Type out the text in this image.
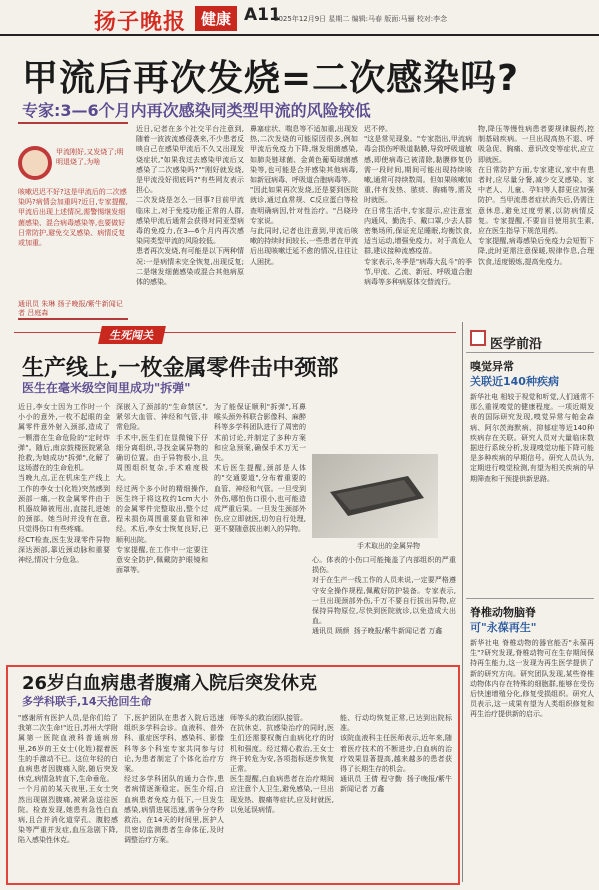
扬子晚报 健康 A11
2025年12月9日 星期二 编辑:马春 版面:马骊 校对:李念
甲流后再次发烧=二次感染吗?
专家:3—6个月内再次感染同类型甲流的风险较低
甲流刚好,又发烧了;明明退烧了,为啥
咳嗽迟迟不好?这是甲流后的二次感染吗?病情会加重吗?近日,专家提醒,甲流后出现上述情况,需警惕继发细菌感染、混合病毒感染等,也要做好日常防护,避免交叉感染、病情反复或加重。
通讯员 朱琳 扬子晚报/紫牛新闻记者 吕庭森
近日,记者在多个社交平台注意到,随着一波波流感侵袭来,不少患者反映自己在感染甲流后不久又出现发烧症状,"如果我过去感染甲流后又感染了二次感染吗?""刚好就发烧,是甲流没好彻底吗?"有些网友表示担心。
二次发烧是怎么一回事?目前甲流临床上,对于免疫功能正常的人群,感染甲流后通常会获得对同亚型病毒的免疫力,在3—6个月内再次感染同类型甲流的风险较低。
患者再次发烧,有可能是以下两种情况:一是病情未完全恢复,出现反复;二是继发细菌感染或混合其他病原体的感染。
鼻塞症状、喘息等不适加重,出现发热,二次发烧的可能原因很多,例如甲流后免疫力下降,继发细菌感染,如肺炎链球菌、金黄色葡萄球菌感染等,也可能是合并感染其他病毒,如新冠病毒、呼吸道合胞病毒等。
"因此如果再次发烧,还是要到医院就诊,通过血常规、C反应蛋白等检查明确病因,针对性治疗。"吕晓玲专家说。
与此同时,记者也注意到,甲流后咳嗽的持续时间较长,一些患者在甲流后出现咳嗽迁延不愈的情况,往往让人困扰。
迟不停。
"这是常见现象。"专家指出,甲流病毒会损伤呼吸道黏膜,导致呼吸道敏感,即使病毒已被清除,黏膜修复仍需一段时间,期间可能出现持续咳嗽,通常可持续数周。但如果咳嗽加重,伴有发热、脓痰、胸痛等,需及时就医。
在日常生活中,专家提示,应注意室内通风、勤洗手、戴口罩,少去人群密集场所,保证充足睡眠,均衡饮食,适当运动,增强免疫力。对于高危人群,建议接种流感疫苗。
专家表示,冬季是"病毒大乱斗"的季节,甲流、乙流、新冠、呼吸道合胞病毒等多种病原体交替流行。
物,降压等慢性病患者要规律服药,控制基础疾病。一旦出现高热不退、呼吸急促、胸痛、意识改变等症状,应立即就医。
在日常防护方面,专家建议,家中有患者时,应尽量分餐,减少交叉感染。家中老人、儿童、孕妇等人群更应加强防护。当甲流患者症状消失后,仍需注意休息,避免过度劳累,以防病情反复。专家提醒,不要盲目使用抗生素,应在医生指导下规范用药。
专家提醒,病毒感染后免疫力会短暂下降,此时更需注意保暖,规律作息,合理饮食,适度锻炼,提高免疫力。
生死闯关
生产线上,一枚金属零件击中颈部
医生在毫米级空间里成功"拆弹"
近日,李女士因为工作时一个小小的意外,一枚不起眼的金属零件意外射入颈部,造成了一颗潜在生命危险的"定时炸弹"。随后,南京鼓楼医院紧急抢救,为她成功"拆弹",化解了这场潜在的生命危机。
当晚九点,正在机床生产线上工作的李女士(化姓)突然感到颈部一痛,一枚金属零件由于机器故障被甩出,直接扎进她的颈部。她当时并没有在意,只觉得伤口有些疼痛。
经CT检查,医生发现零件异物深达颈部,靠近颈动脉和重要神经,情况十分危急。
深嵌入了颈部的"生命禁区",紧邻大血管、神经和气管,非常危险。
手术中,医生们在显微镜下仔细分离组织,寻找金属异物的确切位置。由于异物极小,且周围组织复杂,手术难度极大。
经过两个多小时的精细操作,医生终于将这枚约1cm大小的金属零件完整取出,整个过程未损伤周围重要血管和神经。术后,李女士恢复良好,已顺利出院。
专家提醒,在工作中一定要注意安全防护,佩戴防护眼镜和面罩等。
为了能保证顺利"拆弹",耳鼻喉头颈外科联合影像科、麻醉科等多学科团队进行了周密的术前讨论,并制定了多种方案和应急预案,确保手术万无一失。
术后医生提醒,颈部是人体的"交通要道",分布着重要的血管、神经和气管。一旦受到外伤,哪怕伤口很小,也可能造成严重后果。一旦发生颈部外伤,应立即就医,切勿自行处理,更不要随意拔出刺入的异物。
手术取出的金属异物
心。体表的小伤口可能掩盖了内部组织的严重损伤。
对于在生产一线工作的人员来说,一定要严格遵守安全操作规程,佩戴好防护装备。专家表示,一旦出现颈部外伤,千万不要自行拔出异物,应保持异物原位,尽快到医院就诊,以免造成大出血。
通讯员 顾颜  扬子晚报/紫牛新闻记者 万鑫
26岁白血病患者腹痛入院后突发休克
多学科联手,14天抢回生命
"感谢所有医护人员,是你们给了我第二次生命!"近日,苏州大学附属第一医院血液科普通病房里,26岁的王女士(化姓)握着医生的手激动不已。这位年轻的白血病患者因腹痛入院,随后突发休克,病情急转直下,生命垂危。
一个月前的某天夜里,王女士突然出现剧烈腹痛,被紧急送往医院。检查发现,她患有急性白血病,且合并消化道穿孔、腹腔感染等严重并发症,血压急剧下降,陷入感染性休克。
下,医护团队在患者入院后迅速组织多学科会诊。血液科、普外科、重症医学科、感染科、影像科等多个科室专家共同参与讨论,为患者制定了个体化治疗方案。
经过多学科团队的通力合作,患者病情逐渐稳定。医生介绍,白血病患者免疫力低下,一旦发生感染,病情进展迅速,需争分夺秒救治。在14天的时间里,医护人员密切监测患者生命体征,及时调整治疗方案。
师等头的救治团队接管。
在抗休克、抗感染治疗的同时,医生们还需要权衡白血病化疗的时机和强度。经过精心救治,王女士终于转危为安,各项指标逐步恢复正常。
医生提醒,白血病患者在治疗期间应注意个人卫生,避免感染,一旦出现发热、腹痛等症状,应及时就医,以免延误病情。
能、行动均恢复正常,已达到出院标准。
该院血液科主任医师表示,近年来,随着医疗技术的不断进步,白血病的治疗效果显著提高,越来越多的患者获得了长期生存的机会。
通讯员 王倩 程守勤  扬子晚报/紫牛新闻记者 万鑫
医学前沿
嗅觉异常
关联近140种疾病
新华社电 相较于视觉和听觉,人们通常不那么重视嗅觉的健康程度。一项近期发表的国际研究发现,嗅觉异常与帕金森病、阿尔茨海默病、抑郁症等近140种疾病存在关联。研究人员对大量临床数据进行系统分析,发现嗅觉功能下降可能是多种疾病的早期信号。研究人员认为,定期进行嗅觉检测,有望为相关疾病的早期筛查和干预提供新思路。
脊椎动物脑脊
可"永葆再生"
新华社电 脊椎动物的器官能否"永葆再生"?研究发现,脊椎动物可在生存期间保持再生能力,这一发现为再生医学提供了新的研究方向。研究团队发现,某些脊椎动物体内存在特殊的细胞群,能够在受伤后快速增殖分化,修复受损组织。研究人员表示,这一成果有望为人类组织修复和再生治疗提供新的启示。
